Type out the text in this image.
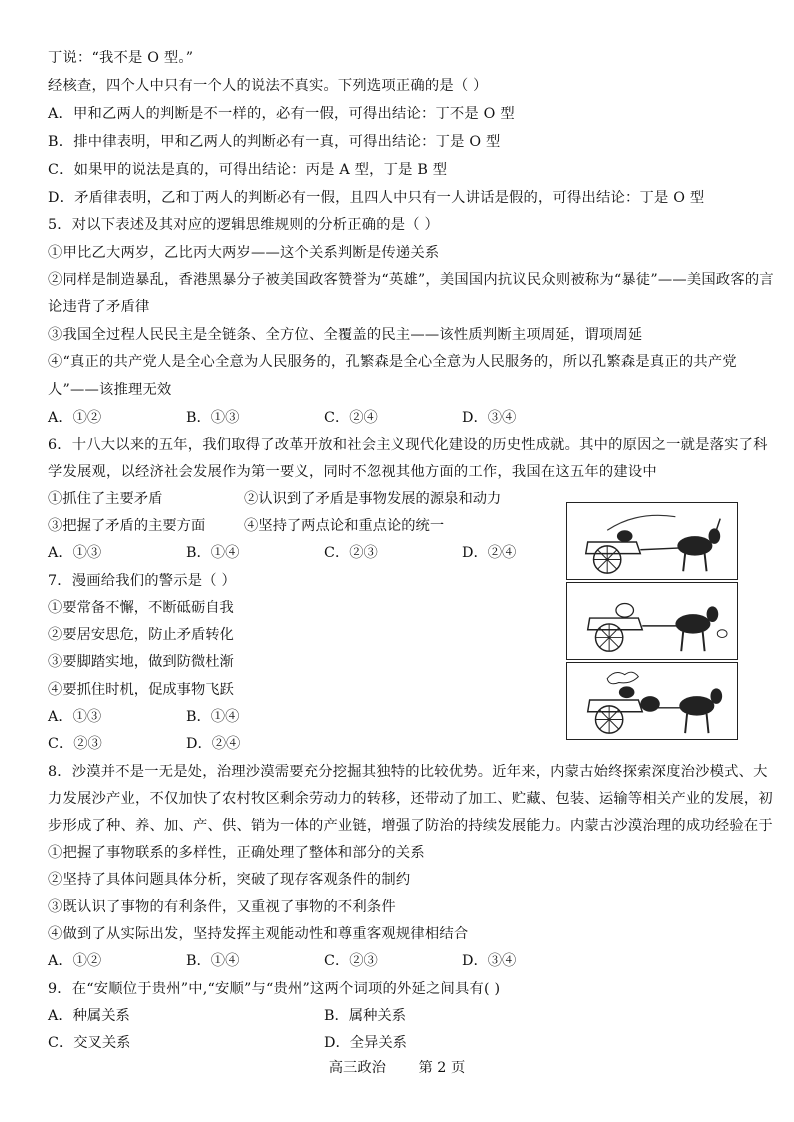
丁说：“我不是 O 型。”
经核查，四个人中只有一个人的说法不真实。下列选项正确的是（ ）
A．甲和乙两人的判断是不一样的，必有一假，可得出结论：丁不是 O 型
B．排中律表明，甲和乙两人的判断必有一真，可得出结论：丁是 O 型
C．如果甲的说法是真的，可得出结论：丙是 A 型，丁是 B 型
D．矛盾律表明，乙和丁两人的判断必有一假，且四人中只有一人讲话是假的，可得出结论：丁是 O 型
5．对以下表述及其对应的逻辑思维规则的分析正确的是（ ）
①甲比乙大两岁，乙比丙大两岁——这个关系判断是传递关系
②同样是制造暴乱，香港黑暴分子被美国政客赞誉为“英雄”，美国国内抗议民众则被称为“暴徒”——美国政客的言
论违背了矛盾律
③我国全过程人民民主是全链条、全方位、全覆盖的民主——该性质判断主项周延，谓项周延
④“真正的共产党人是全心全意为人民服务的，孔繁森是全心全意为人民服务的，所以孔繁森是真正的共产党
人”——该推理无效
A．①②	B．①③	C．②④	D．③④
6．十八大以来的五年，我们取得了改革开放和社会主义现代化建设的历史性成就。其中的原因之一就是落实了科
学发展观，以经济社会发展作为第一要义，同时不忽视其他方面的工作，我国在这五年的建设中
①抓住了主要矛盾	②认识到了矛盾是事物发展的源泉和动力
③把握了矛盾的主要方面	④坚持了两点论和重点论的统一
A．①③	B．①④	C．②③	D．②④
7．漫画给我们的警示是（ ）
①要常备不懈，不断砥砺自我
②要居安思危，防止矛盾转化
③要脚踏实地，做到防微杜渐
④要抓住时机，促成事物飞跃
A．①③	B．①④
C．②③	D．②④
8．沙漠并不是一无是处，治理沙漠需要充分挖掘其独特的比较优势。近年来，内蒙古始终探索深度治沙模式、大
力发展沙产业，不仅加快了农村牧区剩余劳动力的转移，还带动了加工、贮藏、包装、运输等相关产业的发展，初
步形成了种、养、加、产、供、销为一体的产业链，增强了防治的持续发展能力。内蒙古沙漠治理的成功经验在于
①把握了事物联系的多样性，正确处理了整体和部分的关系
②坚持了具体问题具体分析，突破了现存客观条件的制约
③既认识了事物的有利条件，又重视了事物的不利条件
④做到了从实际出发，坚持发挥主观能动性和尊重客观规律相结合
A．①②	B．①④	C．②③	D．③④
9．在“安顺位于贵州”中,“安顺”与“贵州”这两个词项的外延之间具有( )
A．种属关系	B．属种关系
C．交叉关系	D．全异关系
高三政治 第 2 页
